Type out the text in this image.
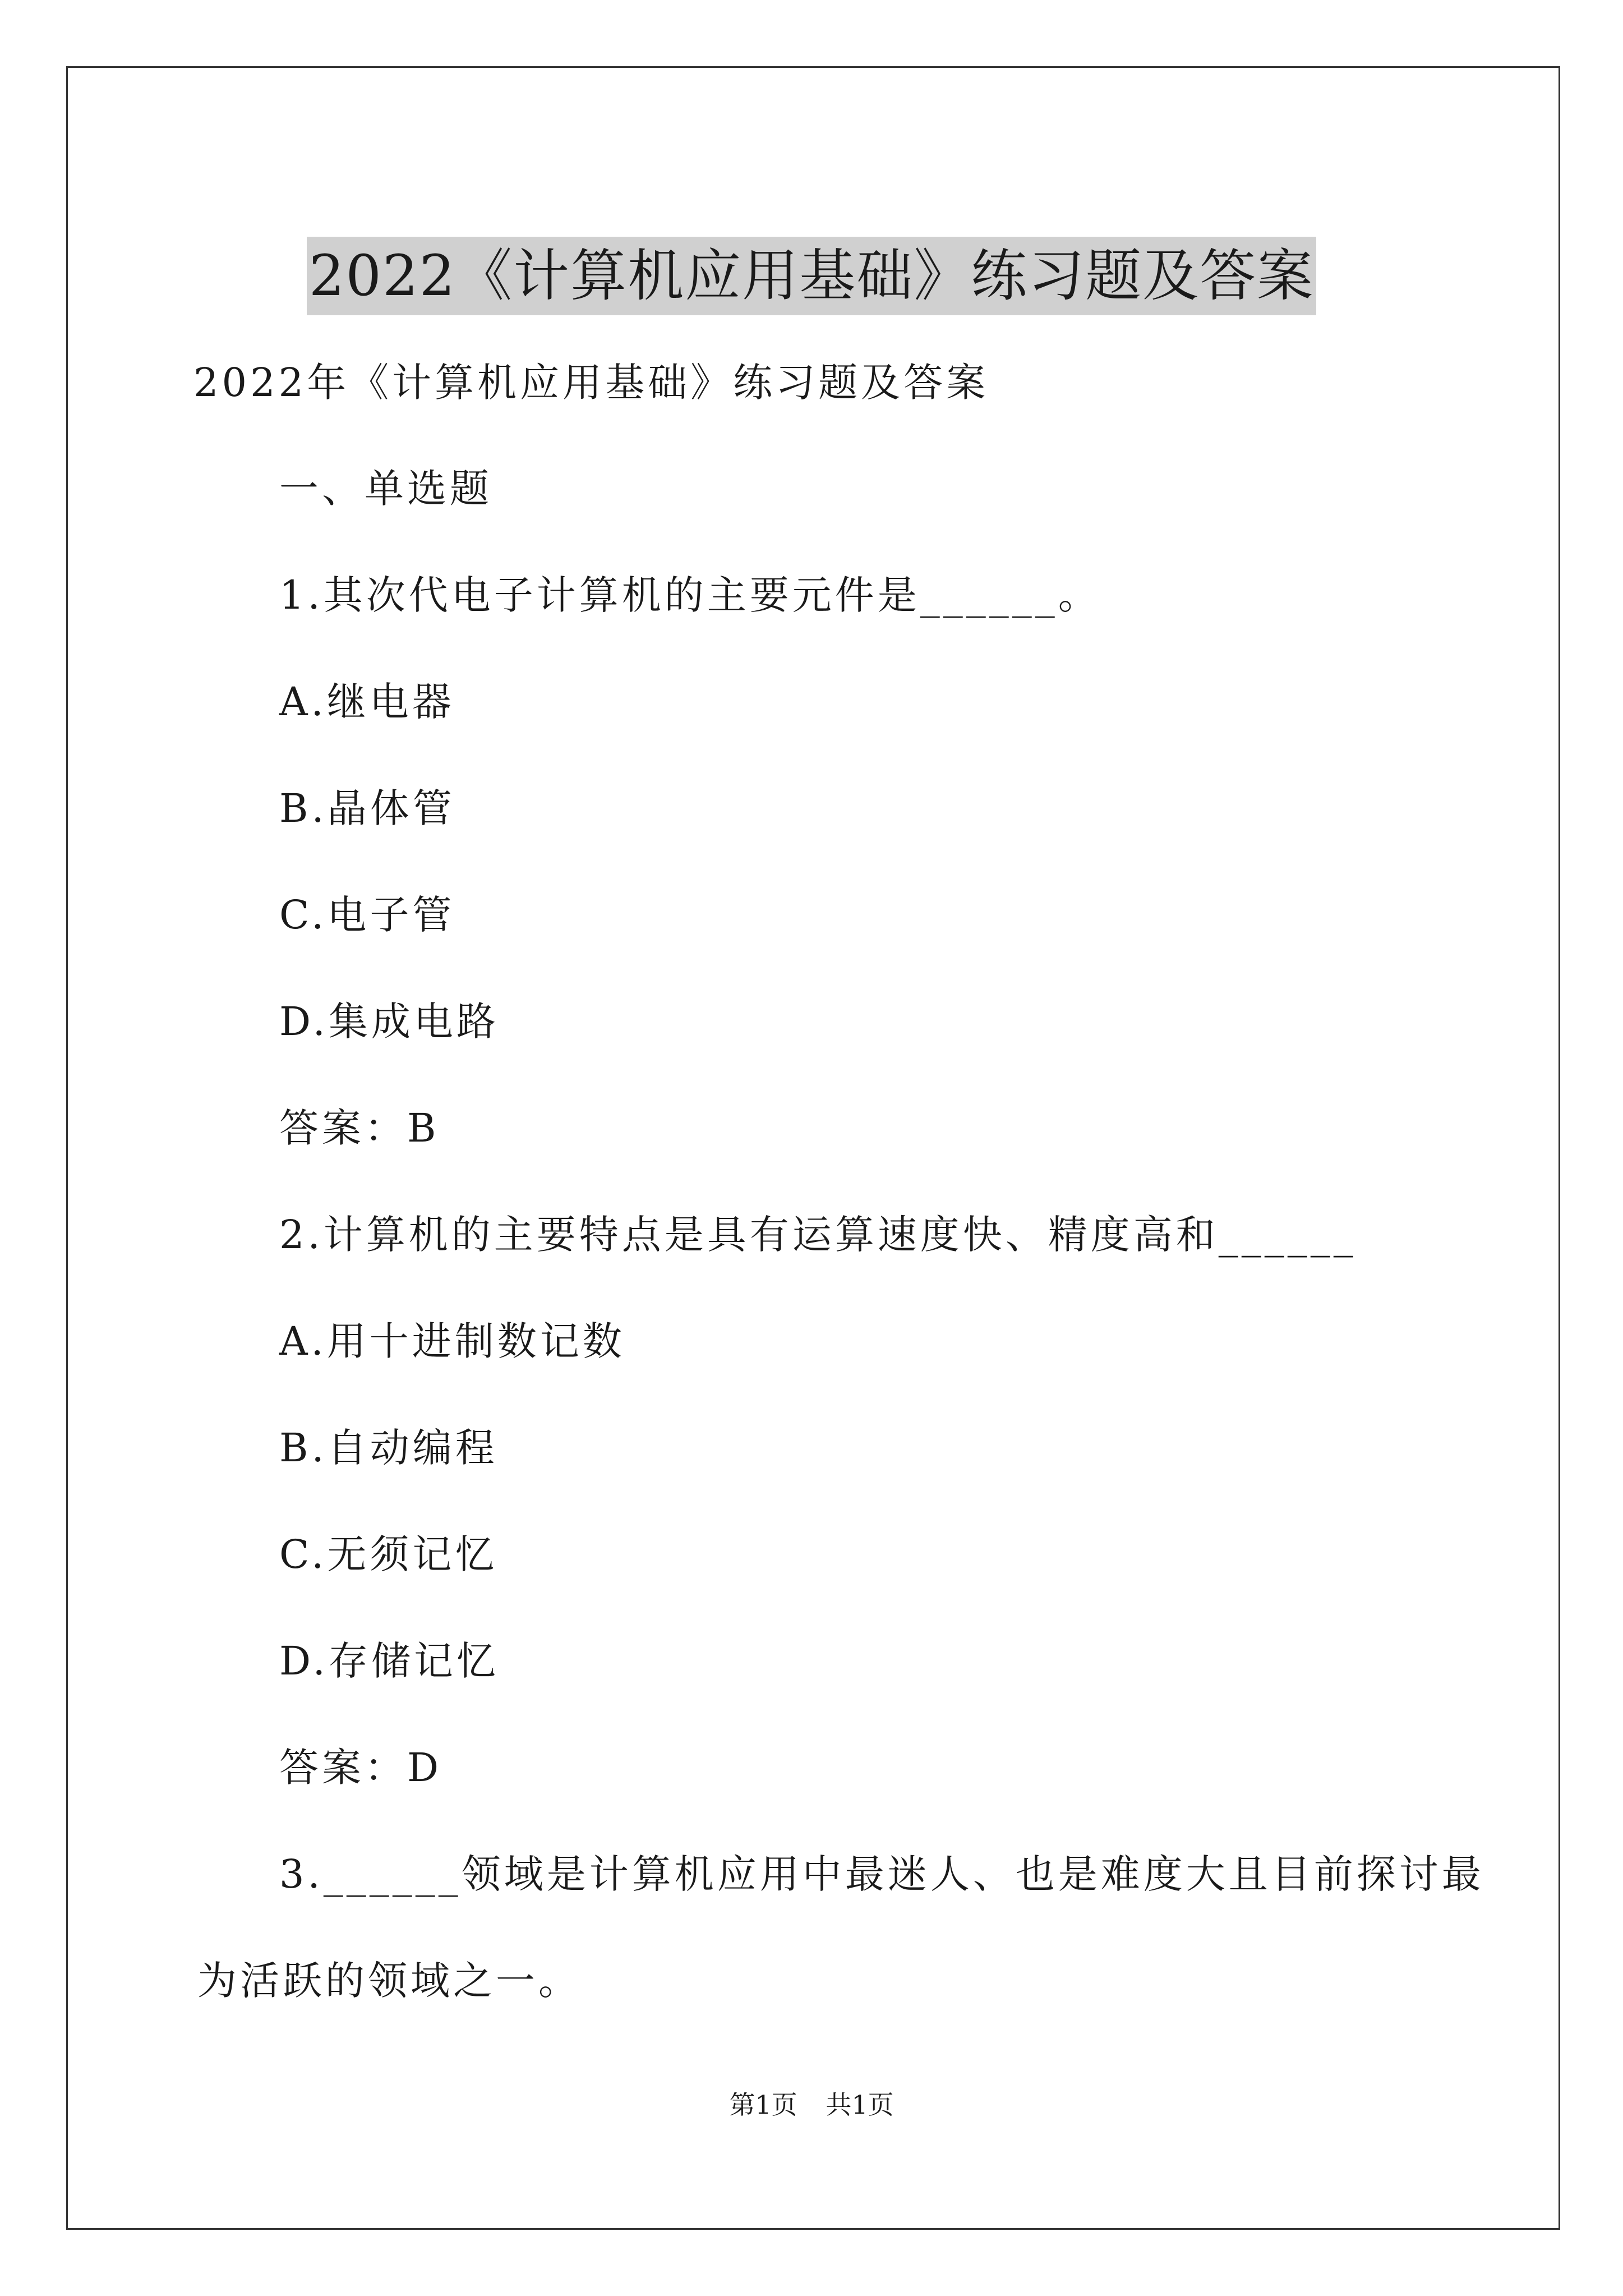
2022《计算机应用基础》练习题及答案
2022年《计算机应用基础》练习题及答案
一、单选题
1.其次代电子计算机的主要元件是______。
A.继电器
B.晶体管
C.电子管
D.集成电路
答案：B
2.计算机的主要特点是具有运算速度快、精度高和______
A.用十进制数记数
B.自动编程
C.无须记忆
D.存储记忆
答案：D
3.______领域是计算机应用中最迷人、也是难度大且目前探讨最
为活跃的领域之一。
第1页 共1页
